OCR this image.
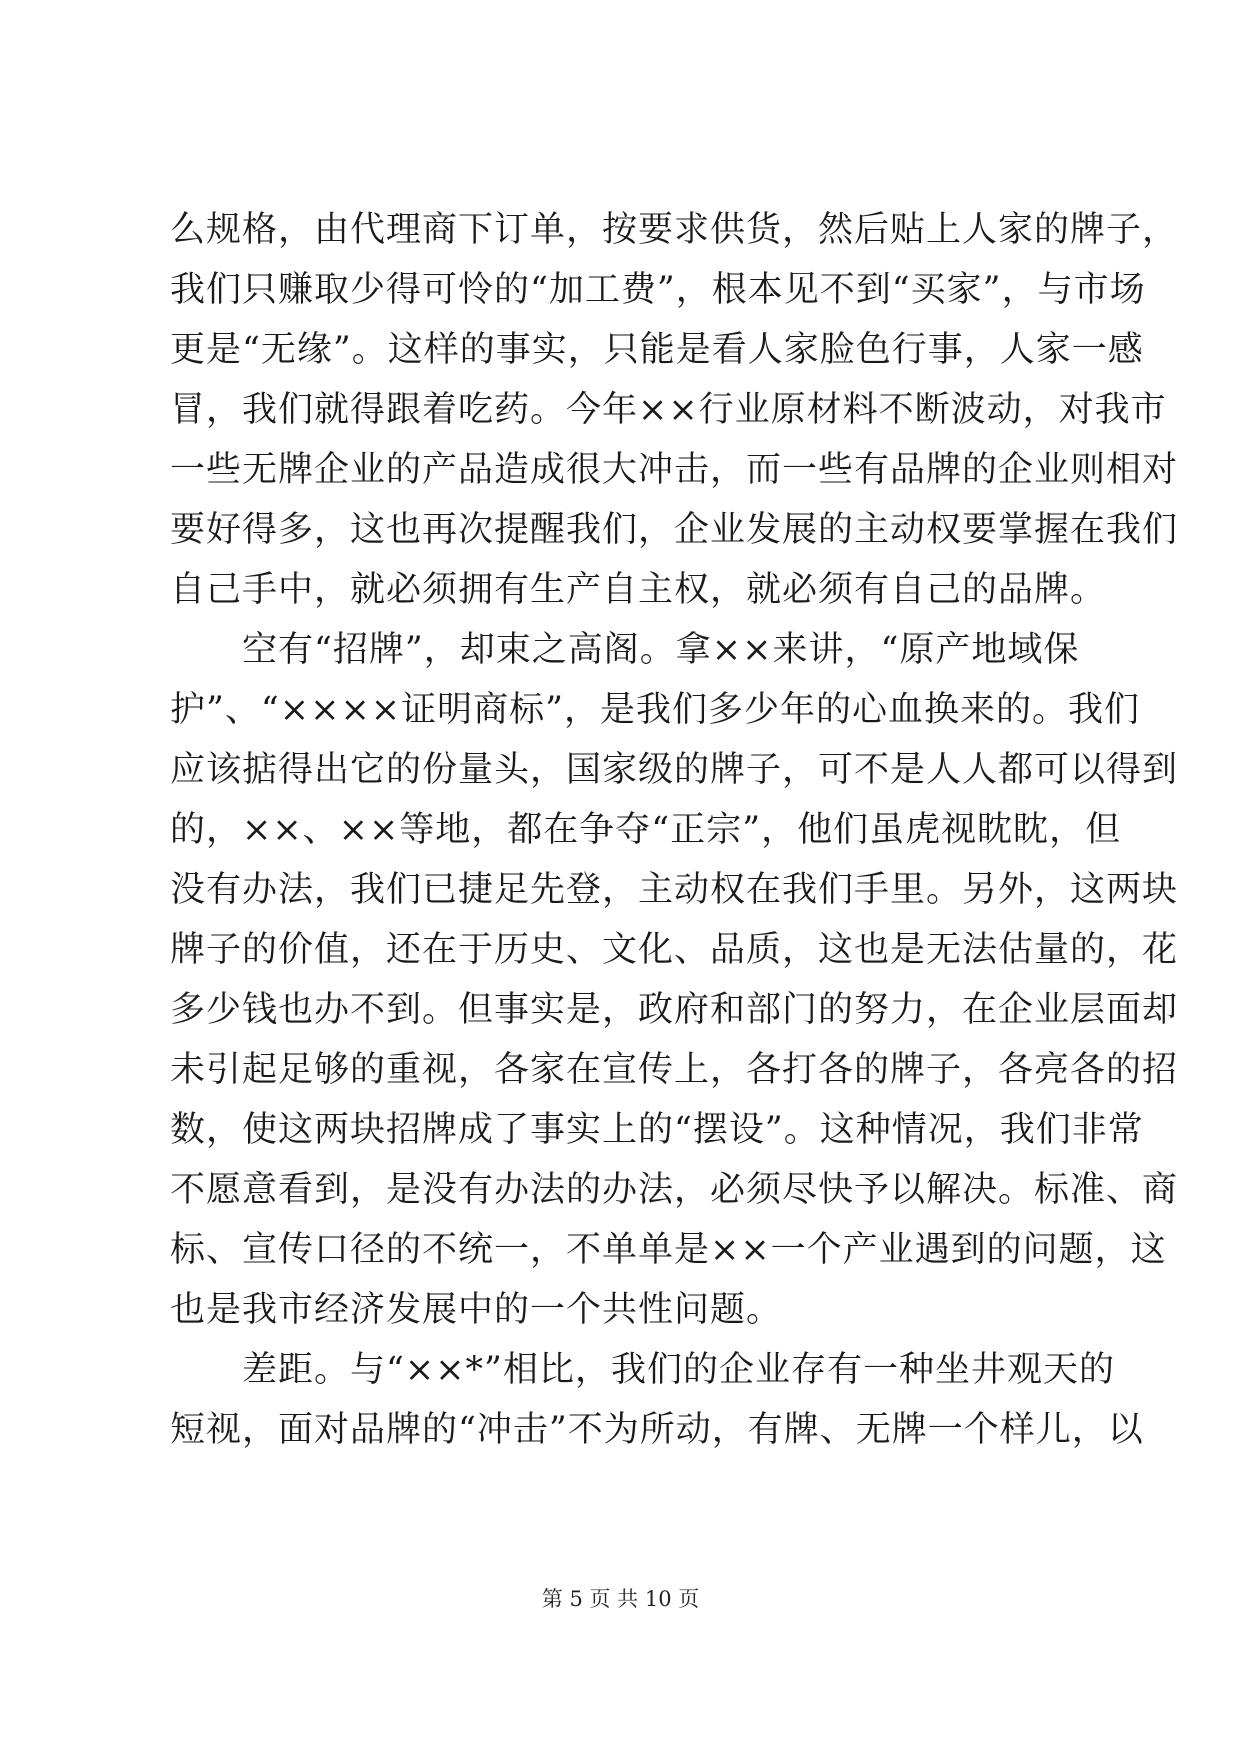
么规格，由代理商下订单，按要求供货，然后贴上人家的牌子，
我们只赚取少得可怜的“加工费”，根本见不到“买家”，与市场
更是“无缘”。这样的事实，只能是看人家脸色行事，人家一感
冒，我们就得跟着吃药。今年××行业原材料不断波动，对我市
一些无牌企业的产品造成很大冲击，而一些有品牌的企业则相对
要好得多，这也再次提醒我们，企业发展的主动权要掌握在我们
自己手中，就必须拥有生产自主权，就必须有自己的品牌。
　　空有“招牌”，却束之高阁。拿××来讲，“原产地域保
护”、“××××证明商标”，是我们多少年的心血换来的。我们
应该掂得出它的份量头，国家级的牌子，可不是人人都可以得到
的，××、××等地，都在争夺“正宗”，他们虽虎视眈眈，但
没有办法，我们已捷足先登，主动权在我们手里。另外，这两块
牌子的价值，还在于历史、文化、品质，这也是无法估量的，花
多少钱也办不到。但事实是，政府和部门的努力，在企业层面却
未引起足够的重视，各家在宣传上，各打各的牌子，各亮各的招
数，使这两块招牌成了事实上的“摆设”。这种情况，我们非常
不愿意看到，是没有办法的办法，必须尽快予以解决。标准、商
标、宣传口径的不统一，不单单是××一个产业遇到的问题，这
也是我市经济发展中的一个共性问题。
　　差距。与“××*”相比，我们的企业存有一种坐井观天的
短视，面对品牌的“冲击”不为所动，有牌、无牌一个样儿，以
第 5 页 共 10 页
